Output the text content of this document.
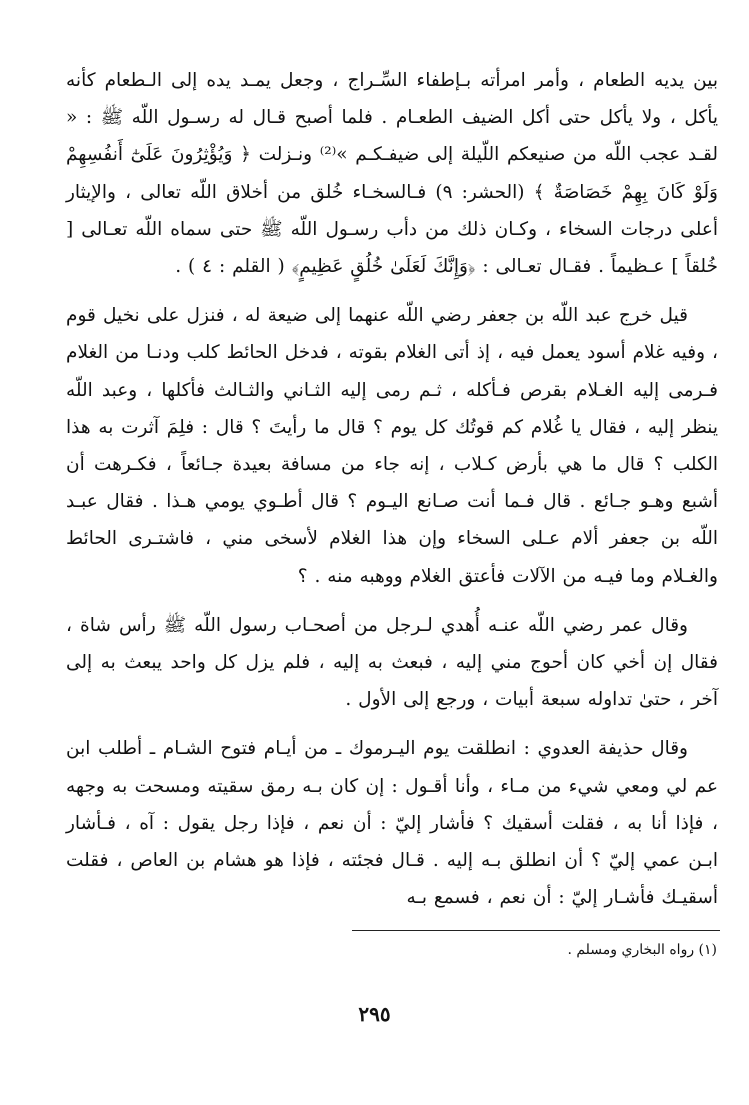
بين يديه الطعام ، وأمر امرأته بـإطفاء السِّـراج ، وجعل يمـد يده إلى الـطعام كأنه يأكل ، ولا يأكل حتى أكل الضيف الطعـام . فلما أصبح قـال له رسـول اللّه ﷺ : « لقـد عجب اللّه من صنيعكم اللّيلة إلى ضيفـكـم »⁽²⁾ ونـزلت ﴿ وَيُؤْثِرُونَ عَلَىٰٓ أَنفُسِهِمْ وَلَوْ كَانَ بِهِمْ خَصَاصَةٌ ﴾ (الحشر: ٩) فـالسخـاء خُلق من أخلاق اللّه تعالى ، والإيثار أعلى درجات السخاء ، وكـان ذلك من دأب رسـول اللّه ﷺ حتى سماه اللّه تعـالى [ خُلقاً ] عـظيماً . فقـال تعـالى : ﴿وَإِنَّكَ لَعَلَىٰ خُلُقٍ عَظِيمٍ﴾ ( القلم : ٤ ) .

قيل خرج عبد اللّه بن جعفر رضي اللّه عنهما إلى ضيعة له ، فنزل على نخيل قوم ، وفيه غلام أسود يعمل فيه ، إذ أتى الغلام بقوته ، فدخل الحائط كلب ودنـا من الغلام فـرمى إليه الغـلام بقرص فـأكله ، ثـم رمى إليه الثـاني والثـالث فأكلها ، وعبد اللّه ينظر إليه ، فقال يا غُلام كم قوتُك كل يوم ؟ قال ما رأيتَ ؟ قال : فلِمَ آثرت به هذا الكلب ؟ قال ما هي بأرض كـلاب ، إنه جاء من مسافة بعيدة جـائعاً ، فكـرهت أن أشبع وهـو جـائع . قال فـما أنت صـانع اليـوم ؟ قال أطـوي يومي هـذا . فقال عبـد اللّه بن جعفر ألام عـلى السخاء وإن هذا الغلام لأسخى مني ، فاشتـرى الحائط والغـلام وما فيـه من الآلات فأعتق الغلام ووهبه منه . ؟

وقال عمر رضي اللّه عنـه أُهدي لـرجل من أصحـاب رسول اللّه ﷺ رأس شاة ، فقال إن أخي كان أحوج مني إليه ، فبعث به إليه ، فلم يزل كل واحد يبعث به إلى آخر ، حتىٰ تداوله سبعة أبيات ، ورجع إلى الأول .

وقال حذيفة العدوي : انطلقت يوم اليـرموك ـ من أيـام فتوح الشـام ـ أطلب ابن عم لي ومعي شيء من مـاء ، وأنا أقـول : إن كان بـه رمق سقيته ومسحت به وجهه ، فإذا أنا به ، فقلت أسقيك ؟ فأشار إليّ : أن نعم ، فإذا رجل يقول : آه ، فـأشار ابـن عمي إليّ ؟ أن انطلق بـه إليه . قـال فجئته ، فإذا هو هشام بن العاص ، فقلت أسقيـك فأشـار إليّ : أن نعم ، فسمع بـه

(١) رواه البخاري ومسلم .
٢٩٥
